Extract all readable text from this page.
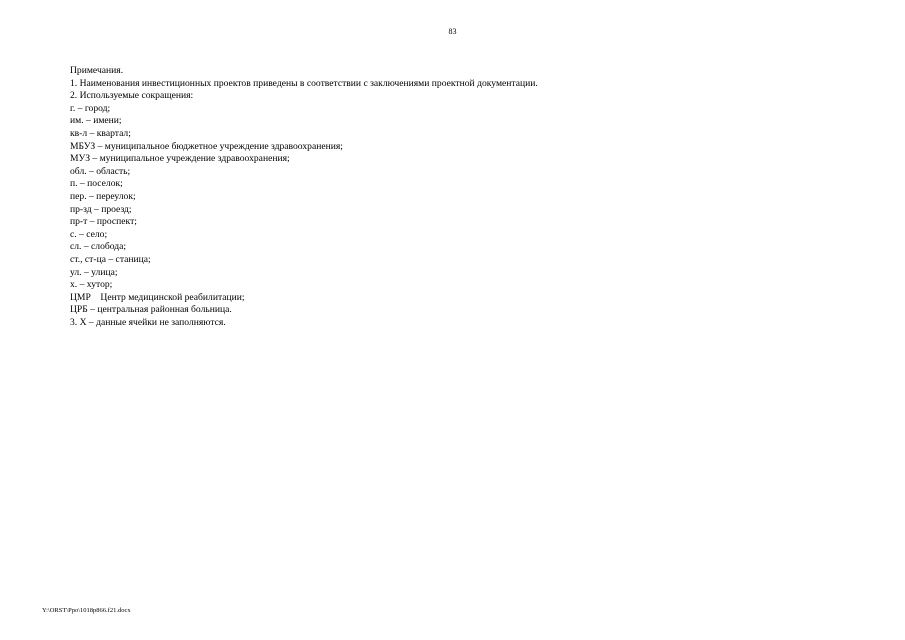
83

Примечания.

1. Наименования инвестиционных проектов приведены в соответствии с заключениями проектной документации.

2. Используемые сокращения:

г. – город;

им. – имени;

кв-л – квартал;

МБУЗ – муниципальное бюджетное учреждение здравоохранения;

МУЗ – муниципальное учреждение здравоохранения;

обл. – область;

п. – поселок;

пер. – переулок;

пр-зд – проезд;

пр-т – проспект;

с. – село;

сл. – слобода;

ст., ст-ца – станица;

ул. – улица;

х. – хутор;

ЦМР    Центр медицинской реабилитации;

ЦРБ – центральная районная больница.

3. Х – данные ячейки не заполняются.

Y:\ORST\Ppo\1018p866.f21.docx
